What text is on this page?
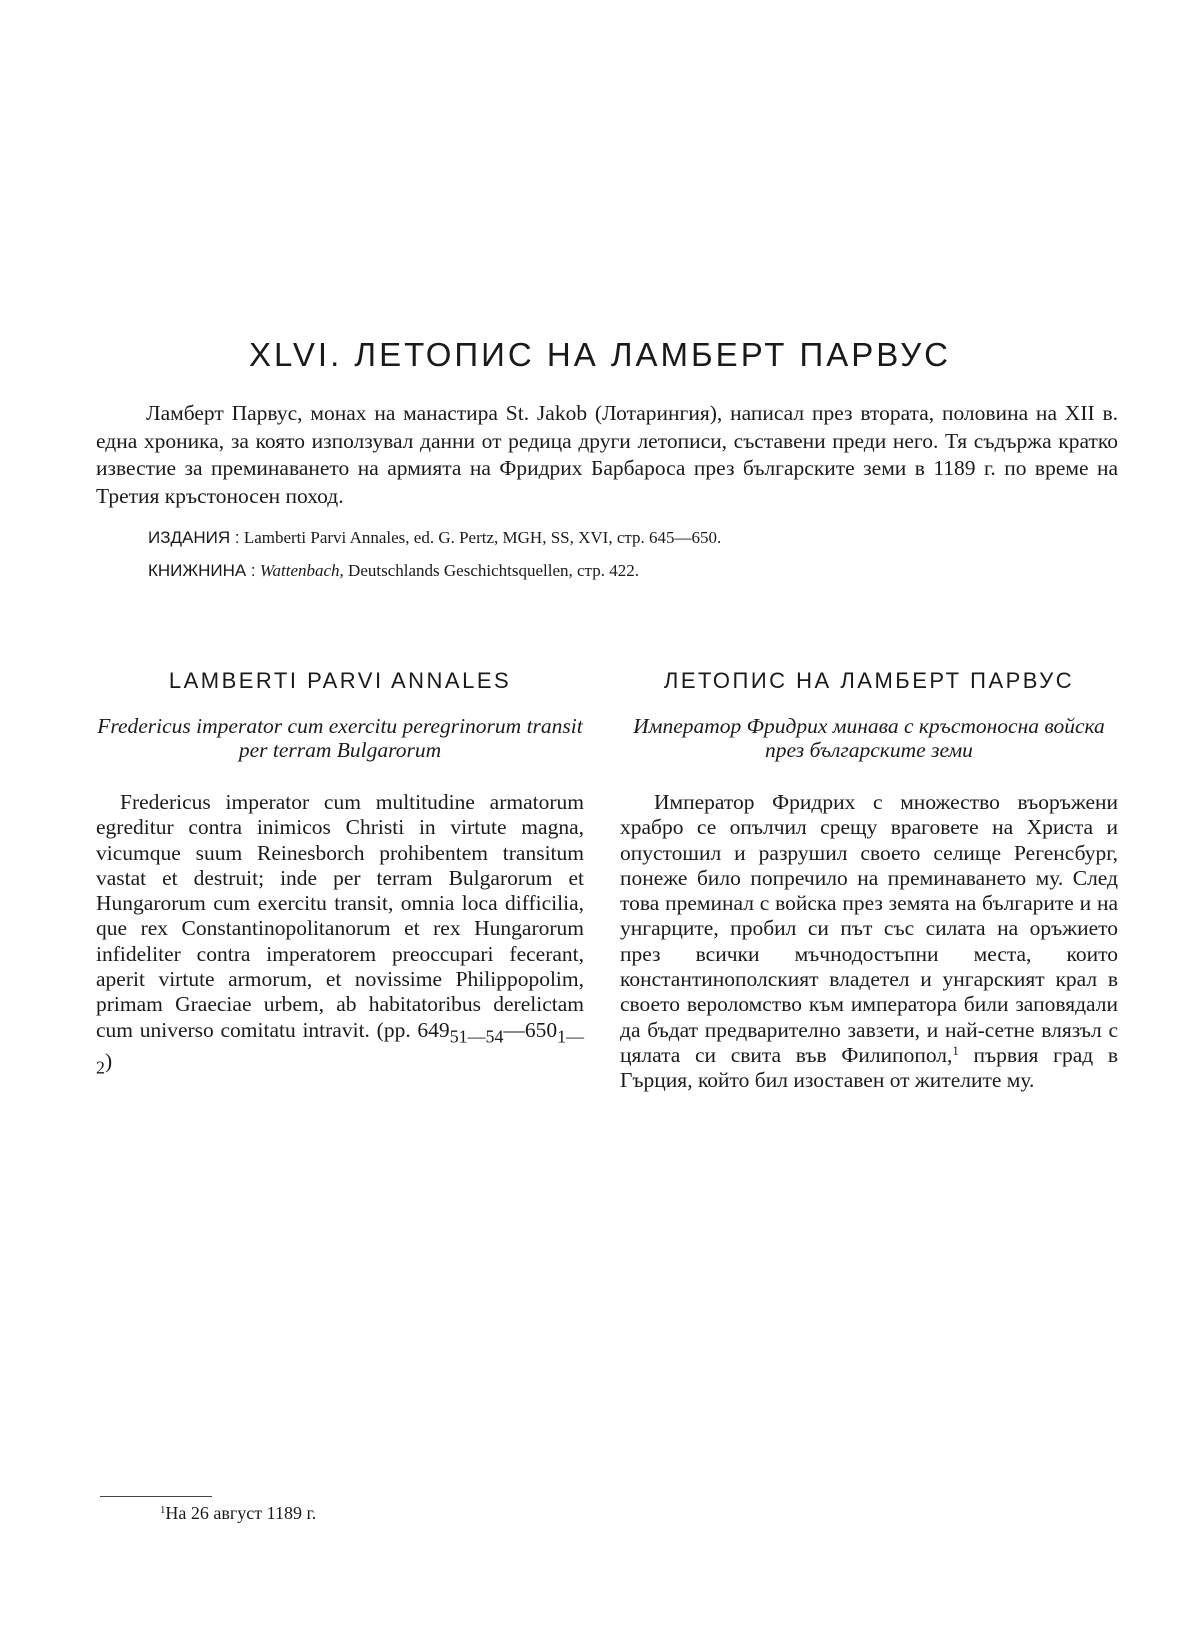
XLVI. ЛЕТОПИС НА ЛАМБЕРТ ПАРВУС

Ламберт Парвус, монах на манастира St. Jakob (Лотарингия), написал през втората, половина на XII в. една хроника, за която използувал данни от редица други летописи, съставени преди него. Тя съдържа кратко известие за преминаването на армията на Фридрих Барбароса през българските земи в 1189 г. по време на Третия кръстоносен поход.

ИЗДАНИЯ : Lamberti Parvi Annales, ed. G. Pertz, MGH, SS, XVI, стр. 645—650.

КНИЖНИНА : Wattenbach, Deutschlands Geschichtsquellen, стр. 422.

LAMBERTI PARVI ANNALES	ЛЕТОПИС НА ЛАМБЕРТ ПАРВУС

Fredericus imperator cum exercitu peregrinorum transit per terram Bulgarorum

Император Фридрих минава с кръстоносна войска през българските земи

Fredericus imperator cum multitudine armatorum egreditur contra inimicos Christi in virtute magna, vicumque suum Reinesborch prohibentem transitum vastat et destruit; inde per terram Bulgarorum et Hungarorum cum exercitu transit, omnia loca difficilia, que rex Constantinopolitanorum et rex Hungarorum infideliter contra imperatorem preoccupari fecerant, aperit virtute armorum, et novissime Philippopolim, primam Graeciae urbem, ab habitatoribus derelictam cum universo comitatu intravit. (pp. $649_{51—54}—650_{1—2}$)

Император Фридрих с множество въоръжени храбро се опълчил срещу враговете на Христа и опустошил и разрушил своето селище Регенсбург, понеже било попречило на преминаването му. След това преминал с войска през земята на българите и на унгарците, пробил си път със силата на оръжието през всички мъчнодостъпни места, които константинополският владетел и унгарският крал в своето вероломство към императора били заповядали да бъдат предварително завзети, и най-сетне влязъл с цялата си свита във Филипопол,$^1$ първия град в Гърция, който бил изоставен от жителите му.

$^1$На 26 август 1189 г.
